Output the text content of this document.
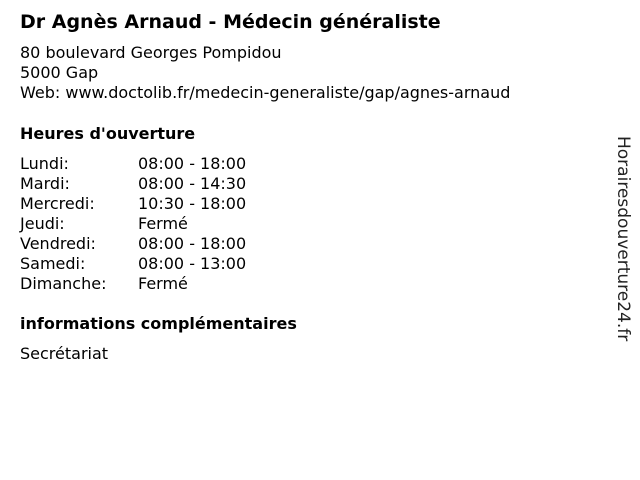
Dr Agnès Arnaud - Médecin généraliste
80 boulevard Georges Pompidou
5000 Gap
Web: www.doctolib.fr/medecin-generaliste/gap/agnes-arnaud
Heures d'ouverture
Lundi:	08:00 - 18:00
Mardi:	08:00 - 14:30
Mercredi:	10:30 - 18:00
Jeudi:	Fermé
Vendredi:	08:00 - 18:00
Samedi:	08:00 - 13:00
Dimanche:	Fermé
informations complémentaires
Secrétariat
Horairesdouverture24.fr
